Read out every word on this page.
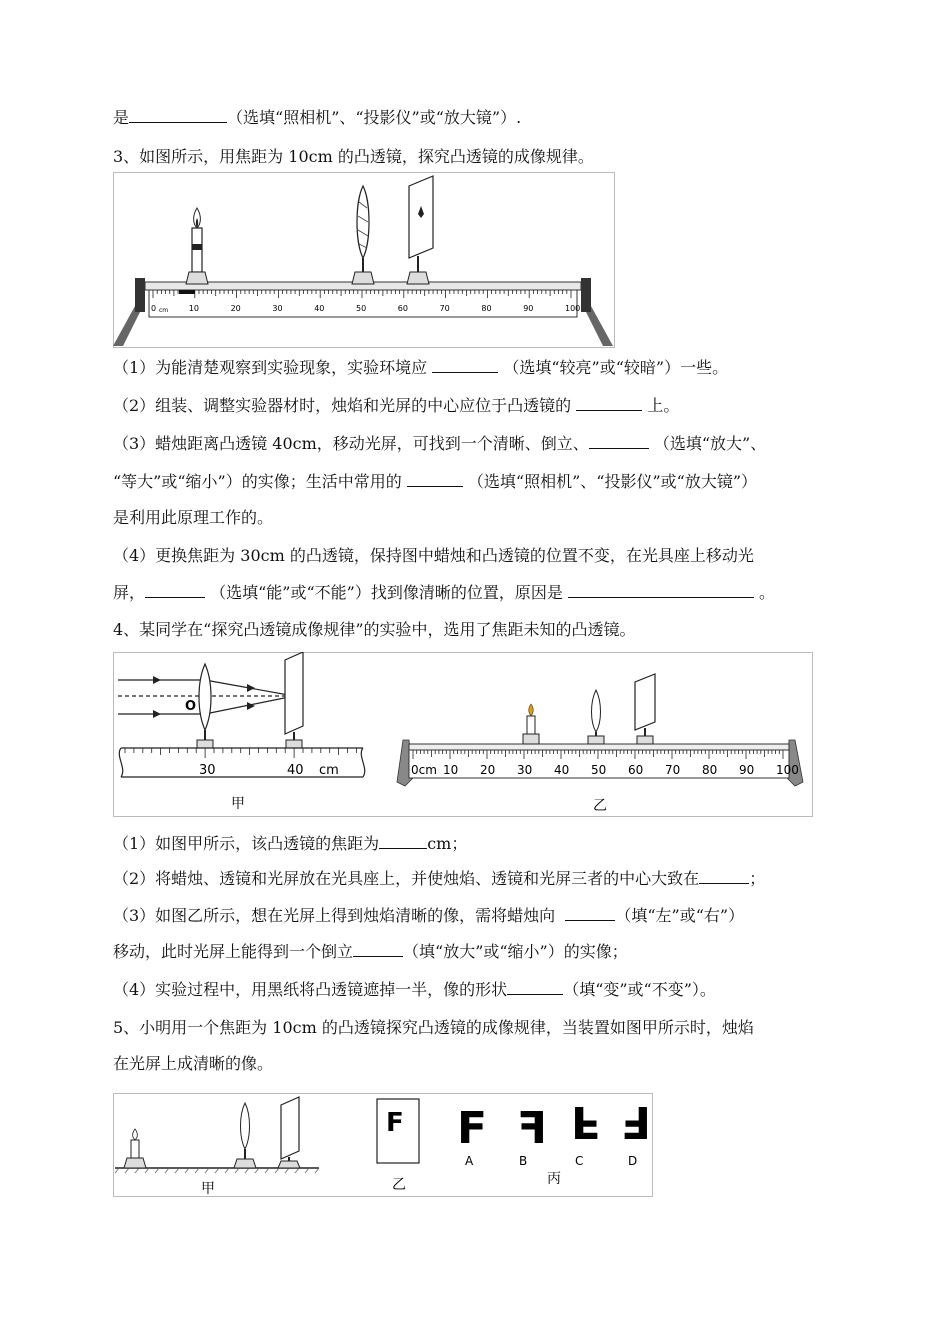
是	（选填“照相机”、“投影仪”或“放大镜”）.
3、如图所示，用焦距为 10cm 的凸透镜，探究凸透镜的成像规律。
0 cm	10	20	30	40	50	60	70	80	90	100
（1）为能清楚观察到实验现象，实验环境应	（选填“较亮”或“较暗”）一些。
（2）组装、调整实验器材时，烛焰和光屏的中心应位于凸透镜的	上。
（3）蜡烛距离凸透镜 40cm，移动光屏，可找到一个清晰、倒立、	（选填“放大”、
“等大”或“缩小”）的实像；生活中常用的	（选填“照相机”、“投影仪”或“放大镜”）
是利用此原理工作的。
（4）更换焦距为 30cm 的凸透镜，保持图中蜡烛和凸透镜的位置不变，在光具座上移动光
屏，	（选填“能”或“不能”）找到像清晰的位置，原因是	。
4、某同学在“探究凸透镜成像规律”的实验中，选用了焦距未知的凸透镜。
O
30	40 cm
甲
0cm 10 20 30 40 50 60 70 80 90 100
乙
（1）如图甲所示，该凸透镜的焦距为	cm；
（2）将蜡烛、透镜和光屏放在光具座上，并使烛焰、透镜和光屏三者的中心大致在	；
（3）如图乙所示，想在光屏上得到烛焰清晰的像，需将蜡烛向	（填“左”或“右”）
移动，此时光屏上能得到一个倒立	（填“放大”或“缩小”）的实像；
（4）实验过程中，用黑纸将凸透镜遮掉一半，像的形状	（填“变”或“不变”）。
5、小明用一个焦距为 10cm 的凸透镜探究凸透镜的成像规律，当装置如图甲所示时，烛焰
在光屏上成清晰的像。
甲
F
乙
F F F F
A	B	C	D
丙
